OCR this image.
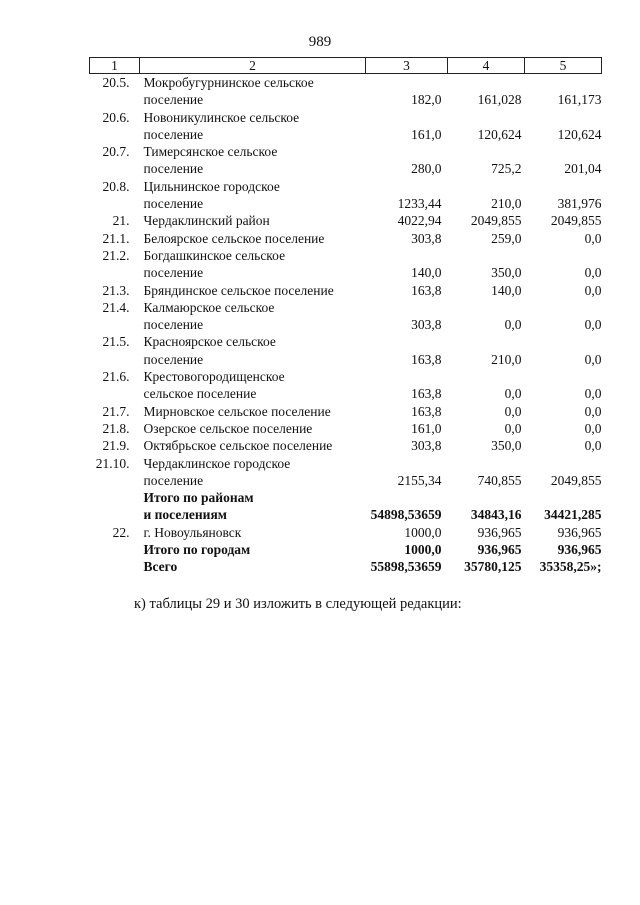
989
1	2	3	4	5
20.5.	Мокробугурнинское сельское
поселение	182,0	161,028	161,173
20.6.	Новоникулинское сельское
поселение	161,0	120,624	120,624
20.7.	Тимерсянское сельское
поселение	280,0	725,2	201,04
20.8.	Цильнинское городское
поселение	1233,44	210,0	381,976
21.	Чердаклинский район	4022,94	2049,855	2049,855
21.1.	Белоярское сельское поселение	303,8	259,0	0,0
21.2.	Богдашкинское сельское
поселение	140,0	350,0	0,0
21.3.	Бряндинское сельское поселение	163,8	140,0	0,0
21.4.	Калмаюрское сельское
поселение	303,8	0,0	0,0
21.5.	Красноярское сельское
поселение	163,8	210,0	0,0
21.6.	Крестовогородищенское
сельское поселение	163,8	0,0	0,0
21.7.	Мирновское сельское поселение	163,8	0,0	0,0
21.8.	Озерское сельское поселение	161,0	0,0	0,0
21.9.	Октябрьское сельское поселение	303,8	350,0	0,0
21.10.	Чердаклинское городское
поселение	2155,34	740,855	2049,855

	Итого по районам
и поселениям	54898,53659	34843,16	34421,285
22.	г. Новоульяновск	1000,0	936,965	936,965

	Итого по городам	1000,0	936,965	936,965

	Всего	55898,53659	35780,125	35358,25»;
к) таблицы 29 и 30 изложить в следующей редакции:
